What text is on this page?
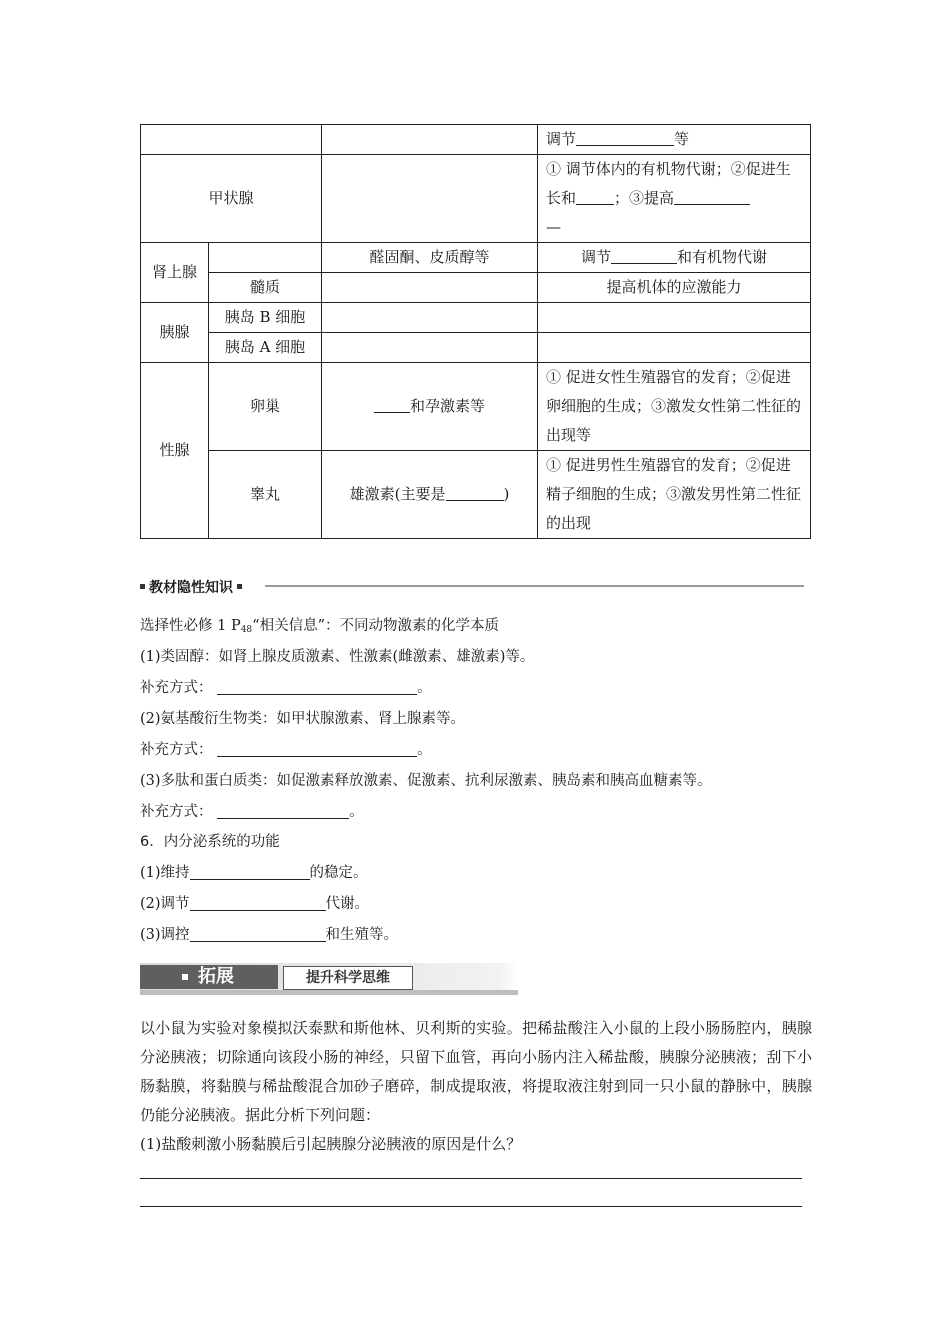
			调节 等
甲状腺			① 调节体内的有机物代谢；②促进生长和 ；③提高
—
肾上腺		醛固酮、皮质醇等	调节 和有机物代谢
	髓质		提高机体的应激能力
胰腺	胰岛 B 细胞		
	胰岛 A 细胞		
性腺	卵巢	和孕激素等	① 促进女性生殖器官的发育；②促进卵细胞的生成；③激发女性第二性征的出现等
	睾丸	雄激素(主要是 )	① 促进男性生殖器官的发育；②促进精子细胞的生成；③激发男性第二性征的出现
教材隐性知识
选择性必修 1 $P_{48}“$相关信息”：不同动物激素的化学本质
(1)类固醇：如肾上腺皮质激素、性激素(雌激素、雄激素)等。
补充方式：	。
(2)氨基酸衍生物类：如甲状腺激素、肾上腺素等。
补充方式：	。
(3)多肽和蛋白质类：如促激素释放激素、促激素、抗利尿激素、胰岛素和胰高血糖素等。
补充方式：	。
6．内分泌系统的功能
(1)维持	的稳定。
(2)调节	代谢。
(3)调控	和生殖等。
拓展	提升科学思维
以小鼠为实验对象模拟沃泰默和斯他林、贝利斯的实验。把稀盐酸注入小鼠的上段小肠肠腔内，胰腺分泌胰液；切除通向该段小肠的神经，只留下血管，再向小肠内注入稀盐酸，胰腺分泌胰液；刮下小肠黏膜，将黏膜与稀盐酸混合加砂子磨碎，制成提取液，将提取液注射到同一只小鼠的静脉中，胰腺仍能分泌胰液。据此分析下列问题：
(1)盐酸刺激小肠黏膜后引起胰腺分泌胰液的原因是什么？
